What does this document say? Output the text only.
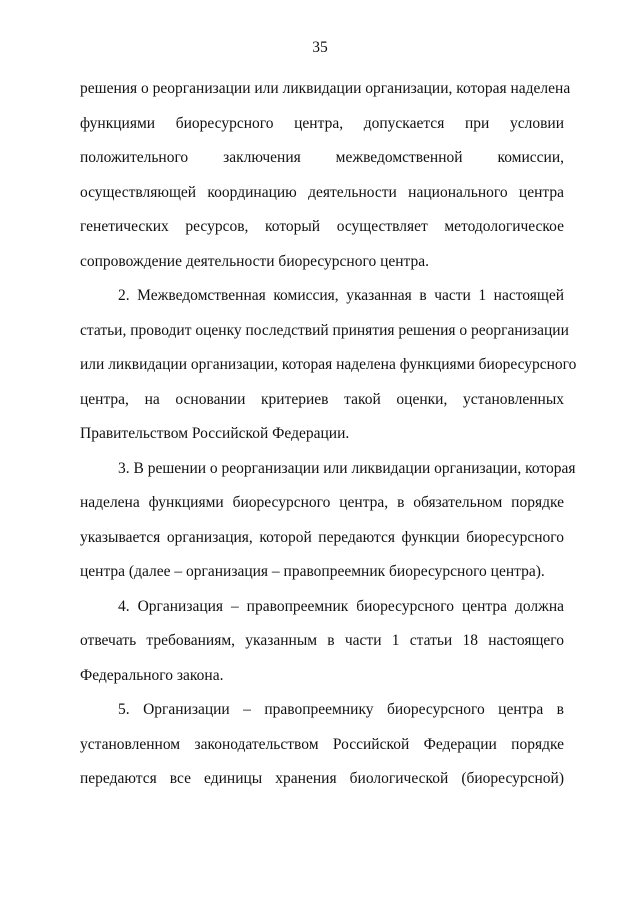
35
решения о реорганизации или ликвидации организации, которая наделена
функциями биоресурсного центра, допускается при условии
положительного заключения межведомственной комиссии,
осуществляющей координацию деятельности национального центра
генетических ресурсов, который осуществляет методологическое
сопровождение деятельности биоресурсного центра.
2. Межведомственная комиссия, указанная в части 1 настоящей
статьи, проводит оценку последствий принятия решения о реорганизации
или ликвидации организации, которая наделена функциями биоресурсного
центра, на основании критериев такой оценки, установленных
Правительством Российской Федерации.
3. В решении о реорганизации или ликвидации организации, которая
наделена функциями биоресурсного центра, в обязательном порядке
указывается организация, которой передаются функции биоресурсного
центра (далее – организация – правопреемник биоресурсного центра).
4. Организация – правопреемник биоресурсного центра должна
отвечать требованиям, указанным в части 1 статьи 18 настоящего
Федерального закона.
5. Организации – правопреемнику биоресурсного центра в
установленном законодательством Российской Федерации порядке
передаются все единицы хранения биологической (биоресурсной)
